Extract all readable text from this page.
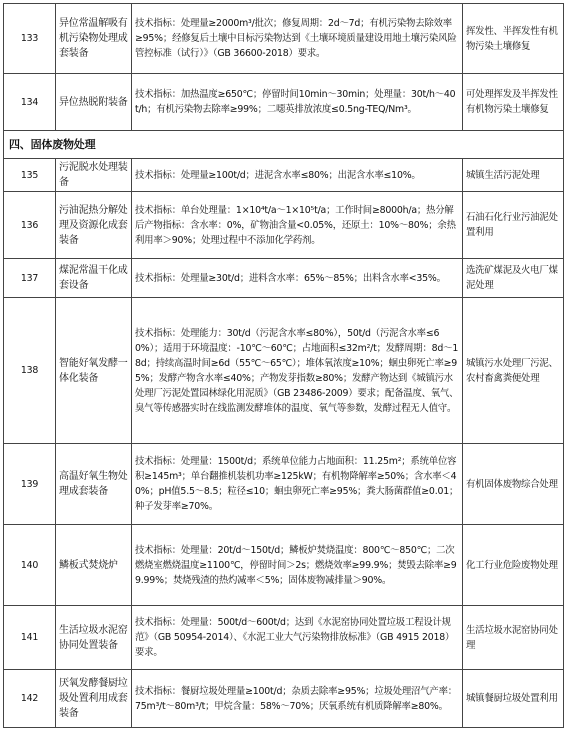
133	异位常温解吸有机污染物处理成套装备	技术指标：处理量≥2000m³/批次；修复周期：2d～7d；有机污染物去除效率≥95%；经修复后土壤中目标污染物达到《土壤环境质量建设用地土壤污染风险管控标准（试行）》（GB 36600-2018）要求。	挥发性、半挥发性有机物污染土壤修复
134	异位热脱附装备	技术指标：加热温度≥650℃；停留时间10min～30min；处理量：30t/h～40t/h；有机污染物去除率≥99%；二噁英排放浓度≤0.5ng-TEQ/Nm³。	可处理挥发及半挥发性有机物污染土壤修复
四、固体废物处理			
135	污泥脱水处理装备	技术指标：处理量≥100t/d；进泥含水率≤80%；出泥含水率≤10%。	城镇生活污泥处理
136	污油泥热分解处理及资源化成套装备	技术指标：单台处理量：1×10⁴t/a～1×10⁵t/a；工作时间≥8000h/a；热分解后产物指标：含水率：0%，矿物油含量<0.05%，还原土：10%～80%；余热利用率＞90%；处理过程中不添加化学药剂。	石油石化行业污油泥处置利用
137	煤泥常温干化成套设备	技术指标：处理量≥30t/d；进料含水率：65%～85%；出料含水率<35%。	选洗矿煤泥及火电厂煤泥处理
138	智能好氧发酵一体化装备	技术指标：处理能力：30t/d（污泥含水率≤80%），50t/d（污泥含水率≤60%）；适用于环境温度：-10℃～60℃；占地面积≤32m²/t；发酵周期：8d～18d；持续高温时间≥6d（55℃～65℃）；堆体氧浓度≥10%；蛔虫卵死亡率≥95%；发酵产物含水率≤40%；产物发芽指数≥80%；发酵产物达到《城镇污水处理厂污泥处置园林绿化用泥质》（GB 23486-2009）要求；配备温度、氧气、臭气等传感器实时在线监测发酵堆体的温度、氧气等参数，发酵过程无人值守。	城镇污水处理厂污泥、农村畜禽粪便处理
139	高温好氧生物处理成套装备	技术指标：处理量：1500t/d；系统单位能力占地面积：11.25m²；系统单位容积≥145m³；单台翻推机装机功率≥125kW；有机物降解率≥50%；含水率＜40%；pH值5.5～8.5；粒径≤10；蛔虫卵死亡率≥95%；粪大肠菌群值≥0.01；种子发芽率≥70%。	有机固体废物综合处理
140	鳞板式焚烧炉	技术指标：处理量：20t/d～150t/d；鳞板炉焚烧温度：800℃～850℃；二次燃烧室燃烧温度≥1100℃，停留时间＞2s；燃烧效率≥99.9%；焚毁去除率≥99.99%；焚烧残渣的热灼减率＜5%；固体废物减排量＞90%。	化工行业危险废物处理
141	生活垃圾水泥窑协同处置装备	技术指标：处理量：500t/d～600t/d；达到《水泥窑协同处置垃圾工程设计规范》（GB 50954-2014）、《水泥工业大气污染物排放标准》（GB 4915 2018）要求。	生活垃圾水泥窑协同处理
142	厌氧发酵餐厨垃圾处置利用成套装备	技术指标：餐厨垃圾处理量≥100t/d；杂质去除率≥95%；垃圾处理沼气产率：75m³/t～80m³/t；甲烷含量：58%～70%；厌氧系统有机质降解率≥80%。	城镇餐厨垃圾处置利用
